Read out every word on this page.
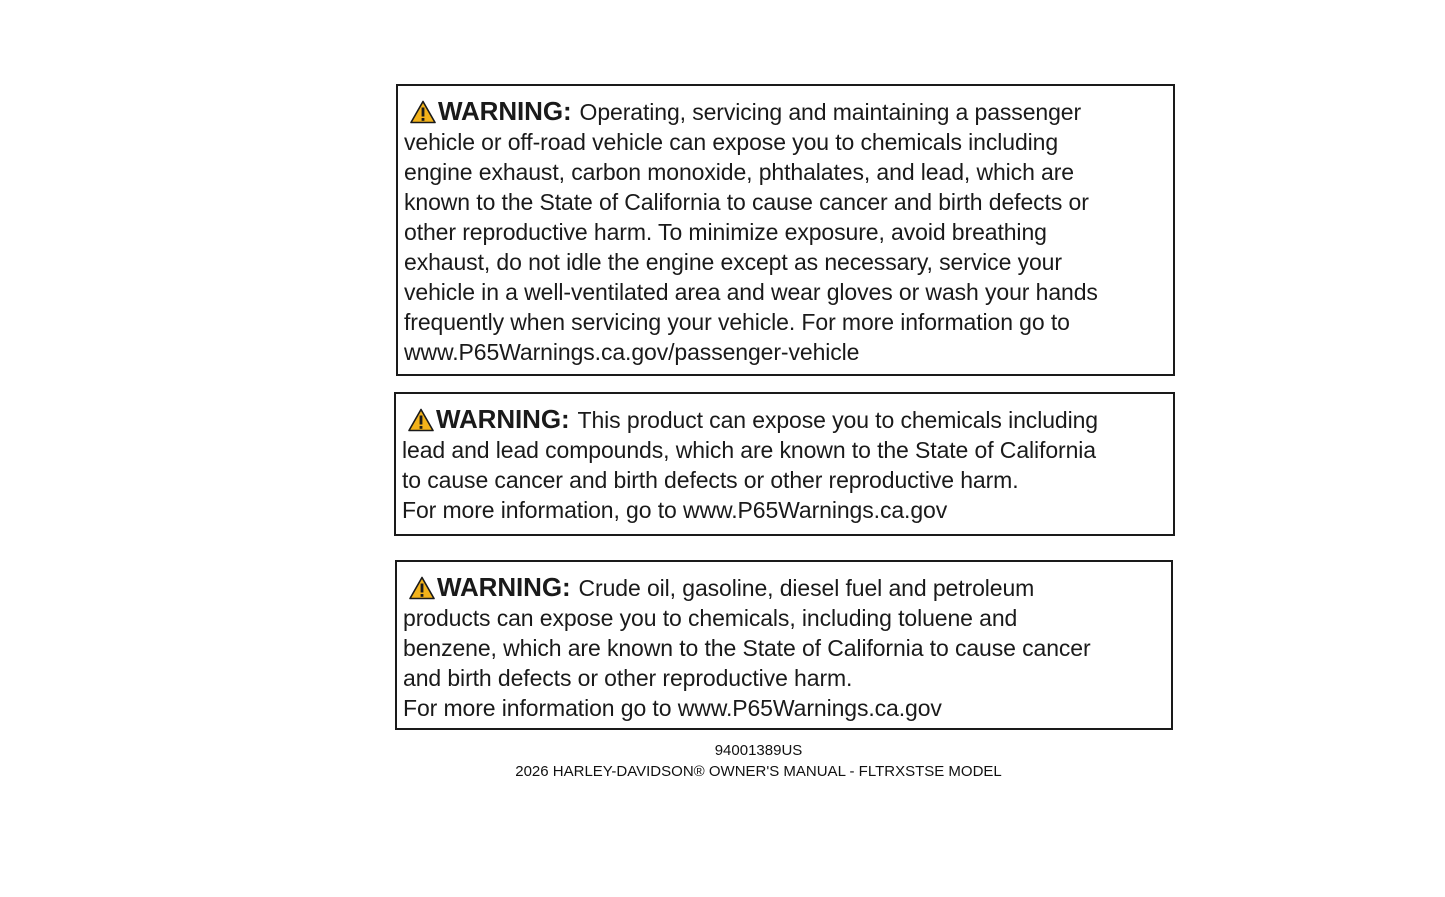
WARNING: Operating, servicing and maintaining a passenger
vehicle or off-road vehicle can expose you to chemicals including
engine exhaust, carbon monoxide, phthalates, and lead, which are
known to the State of California to cause cancer and birth defects or
other reproductive harm. To minimize exposure, avoid breathing
exhaust, do not idle the engine except as necessary, service your
vehicle in a well-ventilated area and wear gloves or wash your hands
frequently when servicing your vehicle. For more information go to
www.P65Warnings.ca.gov/passenger-vehicle
WARNING: This product can expose you to chemicals including
lead and lead compounds, which are known to the State of California
to cause cancer and birth defects or other reproductive harm.
For more information, go to www.P65Warnings.ca.gov
WARNING: Crude oil, gasoline, diesel fuel and petroleum
products can expose you to chemicals, including toluene and
benzene, which are known to the State of California to cause cancer
and birth defects or other reproductive harm.
For more information go to www.P65Warnings.ca.gov
94001389US
2026 HARLEY-DAVIDSON® OWNER'S MANUAL - FLTRXSTSE MODEL
